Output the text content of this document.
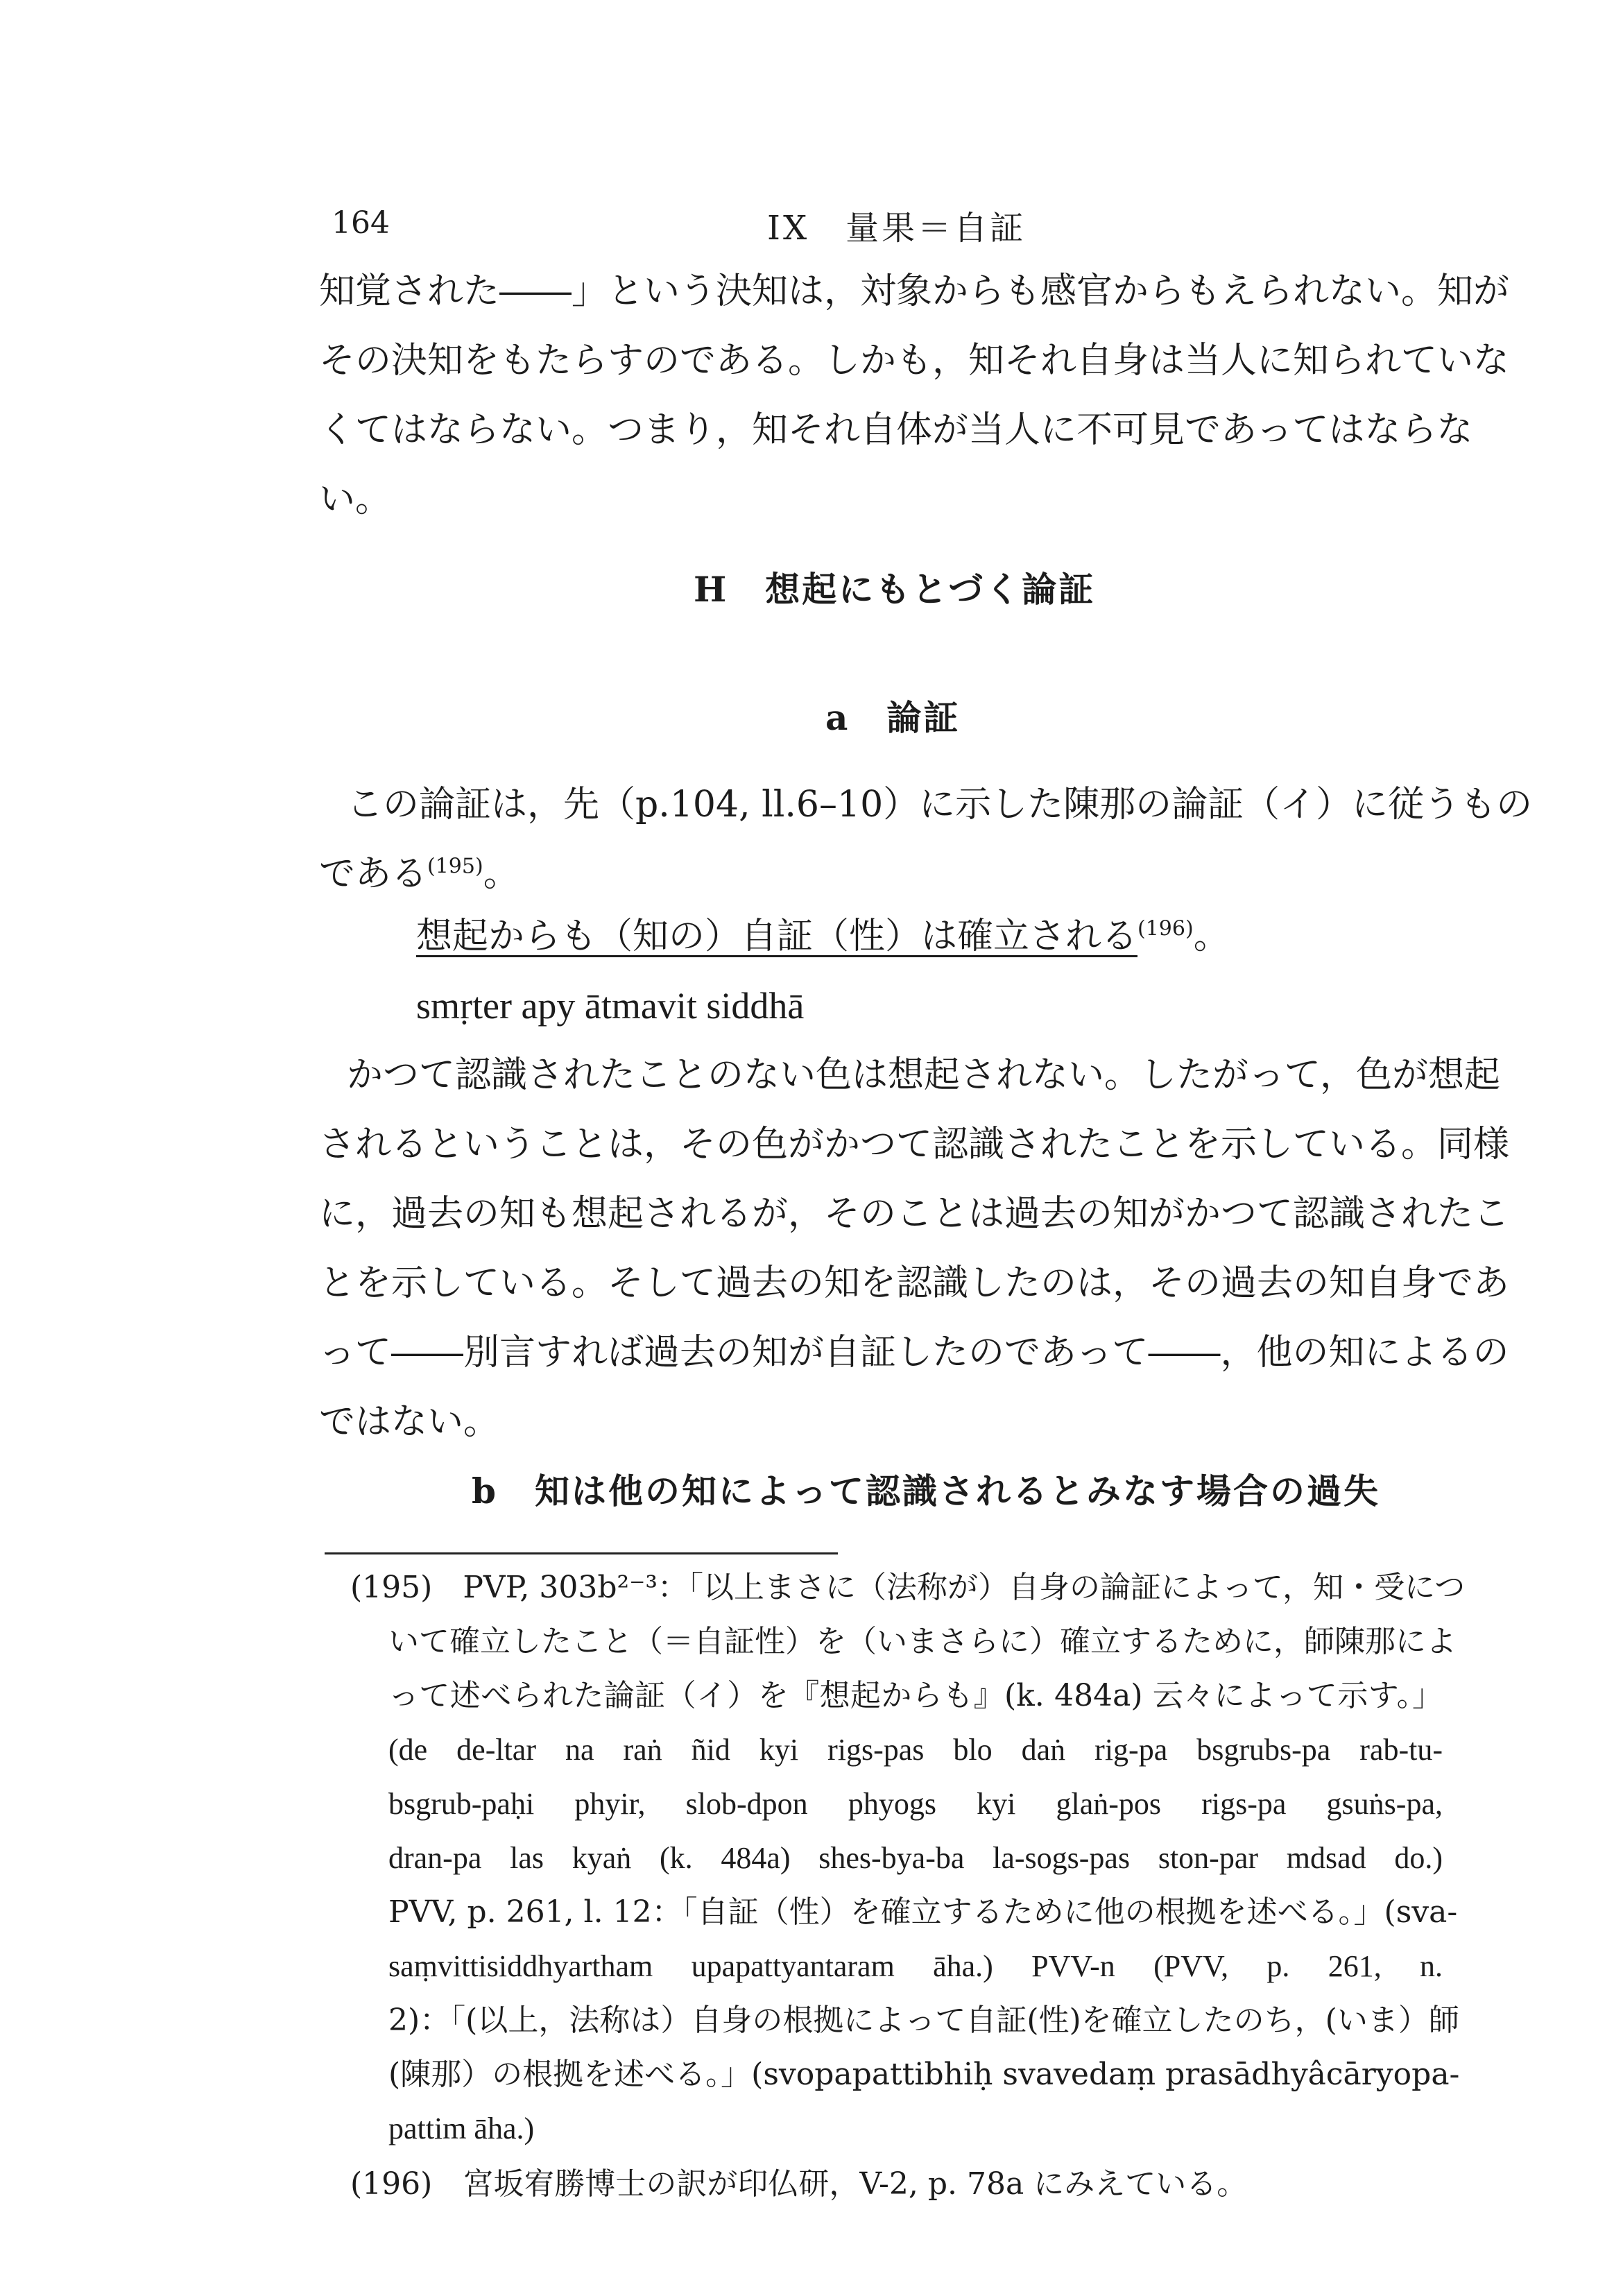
164	IX　量果＝自証
知覚された――」という決知は，対象からも感官からもえられない。知が
その決知をもたらすのである。しかも，知それ自身は当人に知られていな
くてはならない。つまり，知それ自体が当人に不可見であってはならな
い。
H　想起にもとづく論証
a　論証
この論証は，先（p.104, ll.6–10）に示した陳那の論証（イ）に従うもの
である$^{(195)}$。
想起からも（知の）自証（性）は確立される$^{(196)}$。
smṛter apy ātmavit siddhā
かつて認識されたことのない色は想起されない。したがって，色が想起
されるということは，その色がかつて認識されたことを示している。同様
に，過去の知も想起されるが，そのことは過去の知がかつて認識されたこ
とを示している。そして過去の知を認識したのは，その過去の知自身であ
って――別言すれば過去の知が自証したのであって――，他の知によるの
ではない。
b　知は他の知によって認識されるとみなす場合の過失
(195)　PVP, 303b²⁻³：「以上まさに（法称が）自身の論証によって，知・受につ
いて確立したこと（＝自証性）を（いまさらに）確立するために，師陳那によ
って述べられた論証（イ）を『想起からも』(k. 484a) 云々によって示す。」
(de de-ltar na raṅ ñid kyi rigs-pas blo daṅ rig-pa bsgrubs-pa rab-tu-
bsgrub-paḥi phyir, slob-dpon phyogs kyi glaṅ-pos rigs-pa gsuṅs-pa,
dran-pa las kyaṅ (k. 484a) shes-bya-ba la-sogs-pas ston-par mdsad do.)
PVV, p. 261, l. 12：「自証（性）を確立するために他の根拠を述べる。」(sva-
saṃvittisiddhyartham upapattyantaram āha.) PVV-n (PVV, p. 261, n.
2)：「(以上，法称は）自身の根拠によって自証(性)を確立したのち，(いま）師
(陳那）の根拠を述べる。」(svopapattibhiḥ svavedaṃ prasādhyâcāryopa-
pattim āha.)
(196)　宮坂宥勝博士の訳が印仏研，V-2, p. 78a にみえている。
